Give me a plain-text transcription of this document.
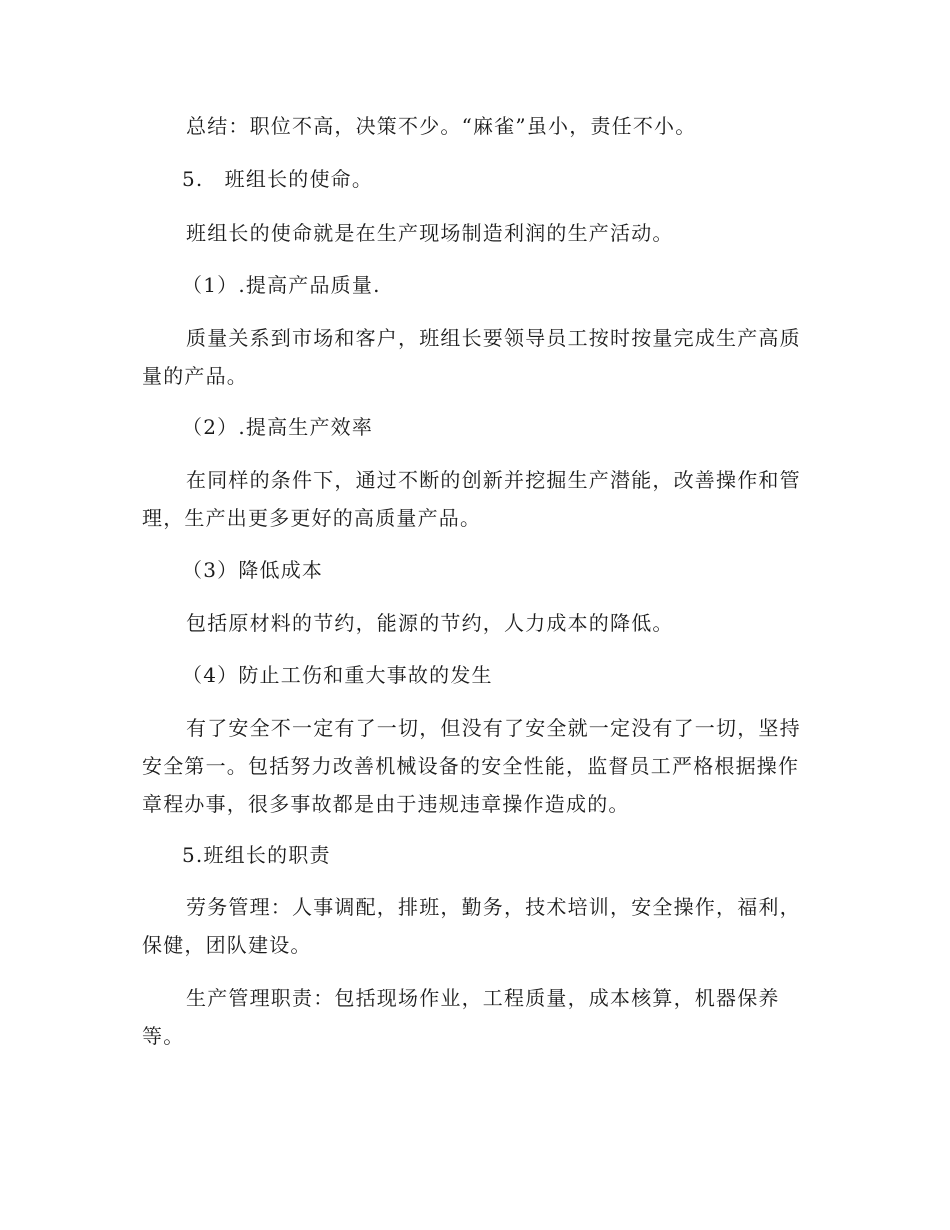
总结：职位不高，决策不少。“麻雀”虽小，责任不小。

5.　班组长的使命。

班组长的使命就是在生产现场制造利润的生产活动。

（1）.提高产品质量.

质量关系到市场和客户，班组长要领导员工按时按量完成生产高质量的产品。

（2）.提高生产效率

在同样的条件下，通过不断的创新并挖掘生产潜能，改善操作和管理，生产出更多更好的高质量产品。

（3）降低成本

包括原材料的节约，能源的节约，人力成本的降低。

（4）防止工伤和重大事故的发生

有了安全不一定有了一切，但没有了安全就一定没有了一切，坚持安全第一。包括努力改善机械设备的安全性能，监督员工严格根据操作章程办事，很多事故都是由于违规违章操作造成的。

5.班组长的职责

劳务管理：人事调配，排班，勤务，技术培训，安全操作，福利，保健，团队建设。

生产管理职责：包括现场作业，工程质量，成本核算，机器保养等。
